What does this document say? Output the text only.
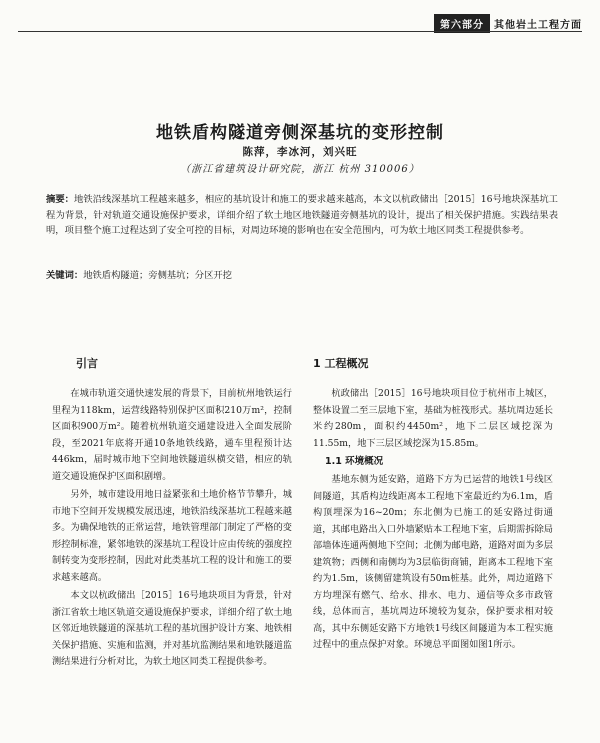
第六部分	其他岩土工程方面
地铁盾构隧道旁侧深基坑的变形控制
陈萍，李冰河，刘兴旺
（浙江省建筑设计研究院，浙江 杭州 310006）

摘要：地铁沿线深基坑工程越来越多，相应的基坑设计和施工的要求越来越高，本文以杭政储出［2015］16号地块深基坑工程为背景，针对轨道交通设施保护要求，详细介绍了软土地区地铁隧道旁侧基坑的设计，提出了相关保护措施。实践结果表明，项目整个施工过程达到了安全可控的目标，对周边环境的影响也在安全范围内，可为软土地区同类工程提供参考。

关键词：地铁盾构隧道；旁侧基坑；分区开挖

引言

在城市轨道交通快速发展的背景下，目前杭州地铁运行里程为118km，运营线路特别保护区面积210万m²，控制区面积900万m²。随着杭州轨道交通建设进入全面发展阶段，至2021年底将开通10条地铁线路，通车里程预计达446km，届时城市地下空间地铁隧道纵横交错，相应的轨道交通设施保护区面积剧增。

另外，城市建设用地日益紧张和土地价格节节攀升，城市地下空间开发规模发展迅速，地铁沿线深基坑工程越来越多。为确保地铁的正常运营，地铁管理部门制定了严格的变形控制标准，紧邻地铁的深基坑工程设计应由传统的强度控制转变为变形控制，因此对此类基坑工程的设计和施工的要求越来越高。

本文以杭政储出［2015］16号地块项目为背景，针对浙江省软土地区轨道交通设施保护要求，详细介绍了软土地区邻近地铁隧道的深基坑工程的基坑围护设计方案、地铁相关保护措施、实施和监测，并对基坑监测结果和地铁隧道监测结果进行分析对比，为软土地区同类工程提供参考。

1 工程概况

杭政储出［2015］16号地块项目位于杭州市上城区，整体设置二至三层地下室，基础为桩筏形式。基坑周边延长米约280m，面积约4450m²，地下二层区域挖深为11.55m，地下三层区域挖深为15.85m。

1.1 环境概况

基地东侧为延安路，道路下方为已运营的地铁1号线区间隧道，其盾构边线距离本工程地下室最近约为6.1m，盾构顶埋深为16~20m；东北侧为已施工的延安路过街通道，其邮电路出入口外墙紧贴本工程地下室，后期需拆除局部墙体连通两侧地下空间；北侧为邮电路，道路对面为多层建筑物；西侧和南侧均为3层临街商铺，距离本工程地下室约为1.5m，该侧留建筑设有50m桩基。此外，周边道路下方均埋深有燃气、给水、排水、电力、通信等众多市政管线，总体而言，基坑周边环境较为复杂，保护要求相对较高，其中东侧延安路下方地铁1号线区间隧道为本工程实施过程中的重点保护对象。环境总平面图如图1所示。
